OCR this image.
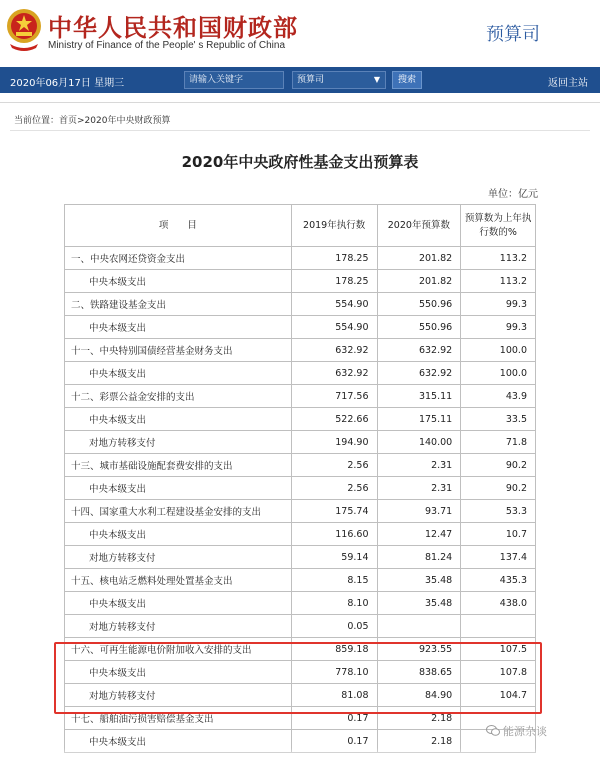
中华人民共和国财政部
Ministry of Finance of the People' s Republic of China
预算司
2020年06月17日 星期三	请输入关键字	预算司	▼	搜索	返回主站
当前位置：首页>2020年中央财政预算
2020年中央政府性基金支出预算表
单位：亿元
项　　目	2019年执行数	2020年预算数	预算数为上年执行数的%
一、中央农网还贷资金支出	178.25	201.82	113.2
中央本级支出	178.25	201.82	113.2
二、铁路建设基金支出	554.90	550.96	99.3
中央本级支出	554.90	550.96	99.3
十一、中央特别国债经营基金财务支出	632.92	632.92	100.0
中央本级支出	632.92	632.92	100.0
十二、彩票公益金安排的支出	717.56	315.11	43.9
中央本级支出	522.66	175.11	33.5
对地方转移支付	194.90	140.00	71.8
十三、城市基础设施配套费安排的支出	2.56	2.31	90.2
中央本级支出	2.56	2.31	90.2
十四、国家重大水利工程建设基金安排的支出	175.74	93.71	53.3
中央本级支出	116.60	12.47	10.7
对地方转移支付	59.14	81.24	137.4
十五、核电站乏燃料处理处置基金支出	8.15	35.48	435.3
中央本级支出	8.10	35.48	438.0
对地方转移支付	0.05		
十六、可再生能源电价附加收入安排的支出	859.18	923.55	107.5
中央本级支出	778.10	838.65	107.8
对地方转移支付	81.08	84.90	104.7
十七、船舶油污损害赔偿基金支出	0.17	2.18	
中央本级支出	0.17	2.18	
能源杂谈
